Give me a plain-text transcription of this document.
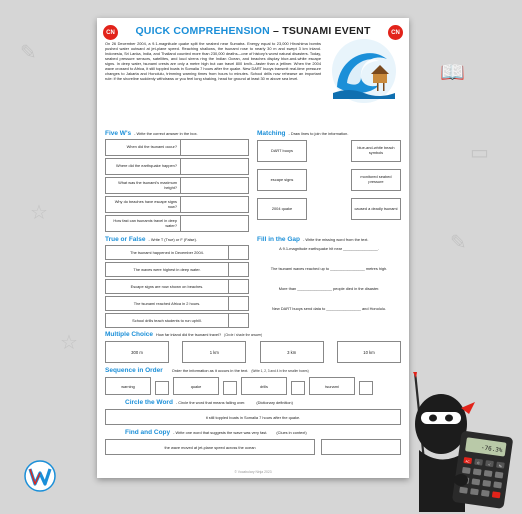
✎
📖
☆
✎
☆
▭
CN	CN
QUICK COMPREHENSION – TSUNAMI EVENT

On 26 December 2004, a 9.1-magnitude quake split the seabed near Sumatra. Energy equal to 23,000 Hiroshima bombs pushed water outward at jet-plane speed. Reaching shallows, the tsunami rose to nearly 30 m and swept 3 km inland. Indonesia, Sri Lanka, India, and Thailand counted more than 230,000 deaths—one of history's worst natural disasters. Today, seabed pressure sensors, satellites, and loud sirens ring the Indian Ocean, and beaches display blue-and-white escape signs. In deep water, tsunami crests are only a metre high but can travel 800 km/h—faster than a jetliner. When the 2004 wave crossed to Africa, it still toppled boats in Somalia 7 hours after the quake. New DART buoys transmit real-time pressure changes to Jakarta and Honolulu, trimming warning times from hours to minutes. School drills now rehearse an important rule: if the shoreline suddenly withdraws or you feel long shaking, head for ground at least 30 m above sea level.

Five W's - Write the correct answer in the box.
When did the tsunami occur?
Where did the earthquake happen?
What was the tsunami's maximum height?
Why do beaches have escape signs now?
How fast can tsunamis travel in deep water?
Matching - Draw lines to join the information.
DART buoys	blue-and-white beach symbols
escape signs	monitored seabed pressure
2004 quake	caused a deadly tsunami
True or False - Write T (True) or F (False).
The tsunami happened in December 2004.
The waves were highest in deep water.
Escape signs are now shown on beaches.
The tsunami reached Africa in 2 hours.
School drills teach students to run uphill.
Fill in the Gap - Write the missing word from the text.
A 9.1-magnitude earthquake hit near ________________.
The tsunami waves reached up to ________________ metres high.
More than ________________ people died in the disaster.
New DART buoys send data to ________________ and Honolulu.
Multiple Choice How far inland did the tsunami travel? (Circle / shade the answer)
300 m	1 km	3 km	10 km
Sequence in Order Order the information as it occurs in the text. (Write 1, 2, 3 and 4 in the smaller boxes)
warning	quake	drills	tsunami
Circle the Word - Circle the word that means falling over.	(Dictionary definition)
it still toppled boats in Somalia 7 hours after the quake.
Find and Copy - Write one word that suggests the wave was very fast. (Clues in context)
the wave moved at jet-plane speed across the ocean
© Vocabulary Ninja 2023
-76.3%
AC C	√	%
